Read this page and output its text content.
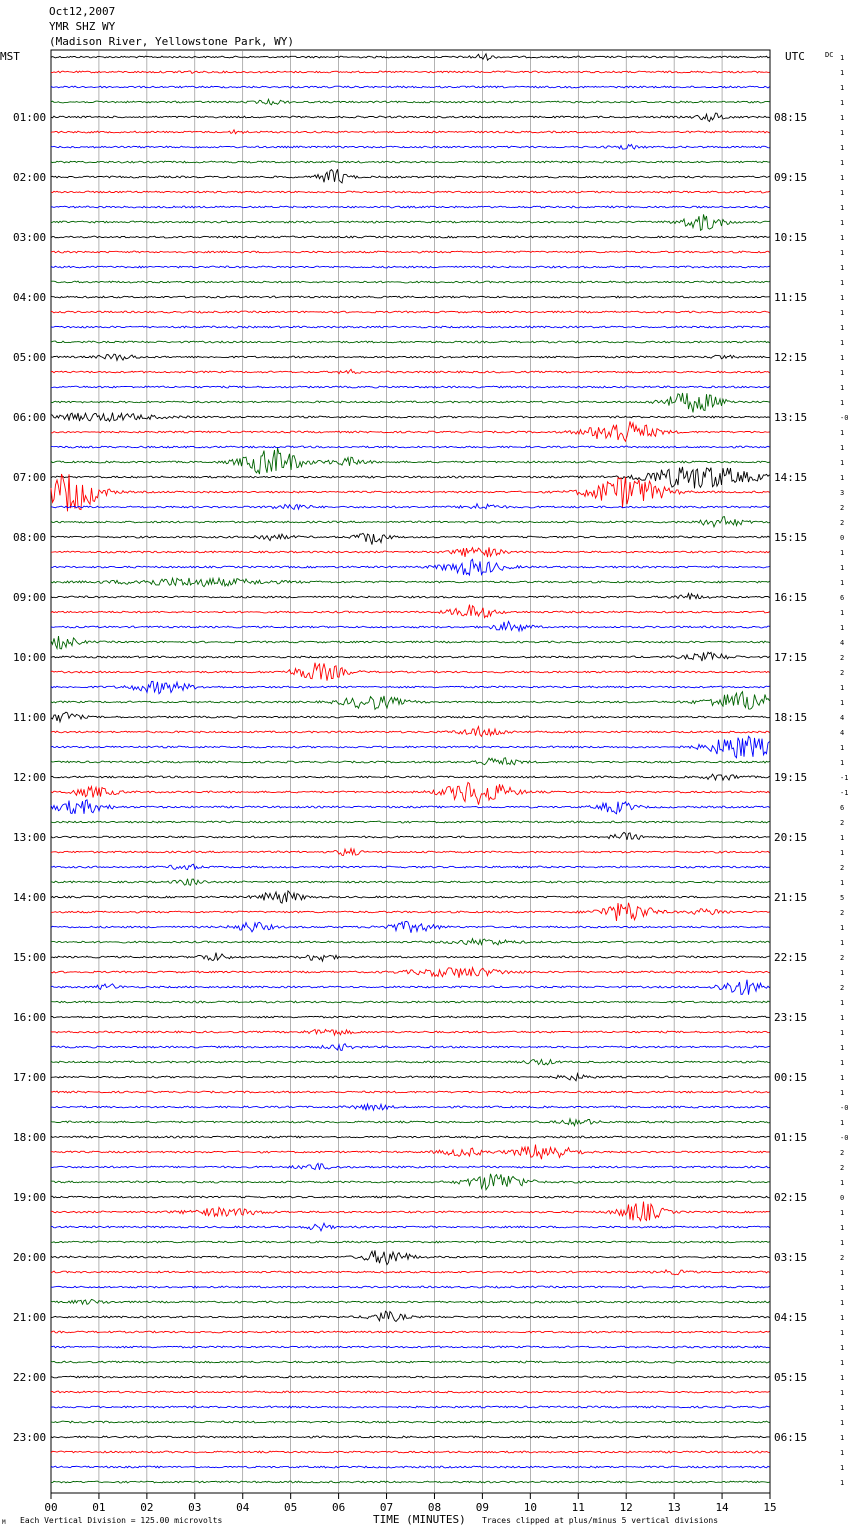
Oct12,2007
YMR SHZ WY
(Madison River, Yellowstone Park, WY)
MST	UTC	DC 1
1
1
1
1
1
1
1
1
1
1
1
1
1
1
1
1
1
1
1
1
1
1
1
-0
1
1
1
1
3
2
2
0
1
1
1
6
1
1
4
2
2
1
1
4
4
1
1
-1
-1
6
2
1
1
2
1
5
2
1
1
2
1
2
1
1
1
1
1
1
1
-0
1
-0
2
2
1
0
1
1
1
2
1
1
1
1
1
1
1
1
1
1
1
1
1
1
1
01:00
02:00
03:00
04:00
05:00
06:00
07:00
08:00
09:00
10:00
11:00
12:00
13:00
14:00
15:00
16:00
17:00
18:00
19:00
20:00
21:00
22:00
23:00
08:15
09:15
10:15
11:15
12:15
13:15
14:15
15:15
16:15
17:15
18:15
19:15
20:15
21:15
22:15
23:15
00:15
01:15
02:15
03:15
04:15
05:15
06:15
00	01	02	03	04	05	06	07	08	09	10	11	12	13	14	15
M Each Vertical Division = 125.00 microvolts	TIME (MINUTES) Traces clipped at plus/minus 5 vertical divisions
